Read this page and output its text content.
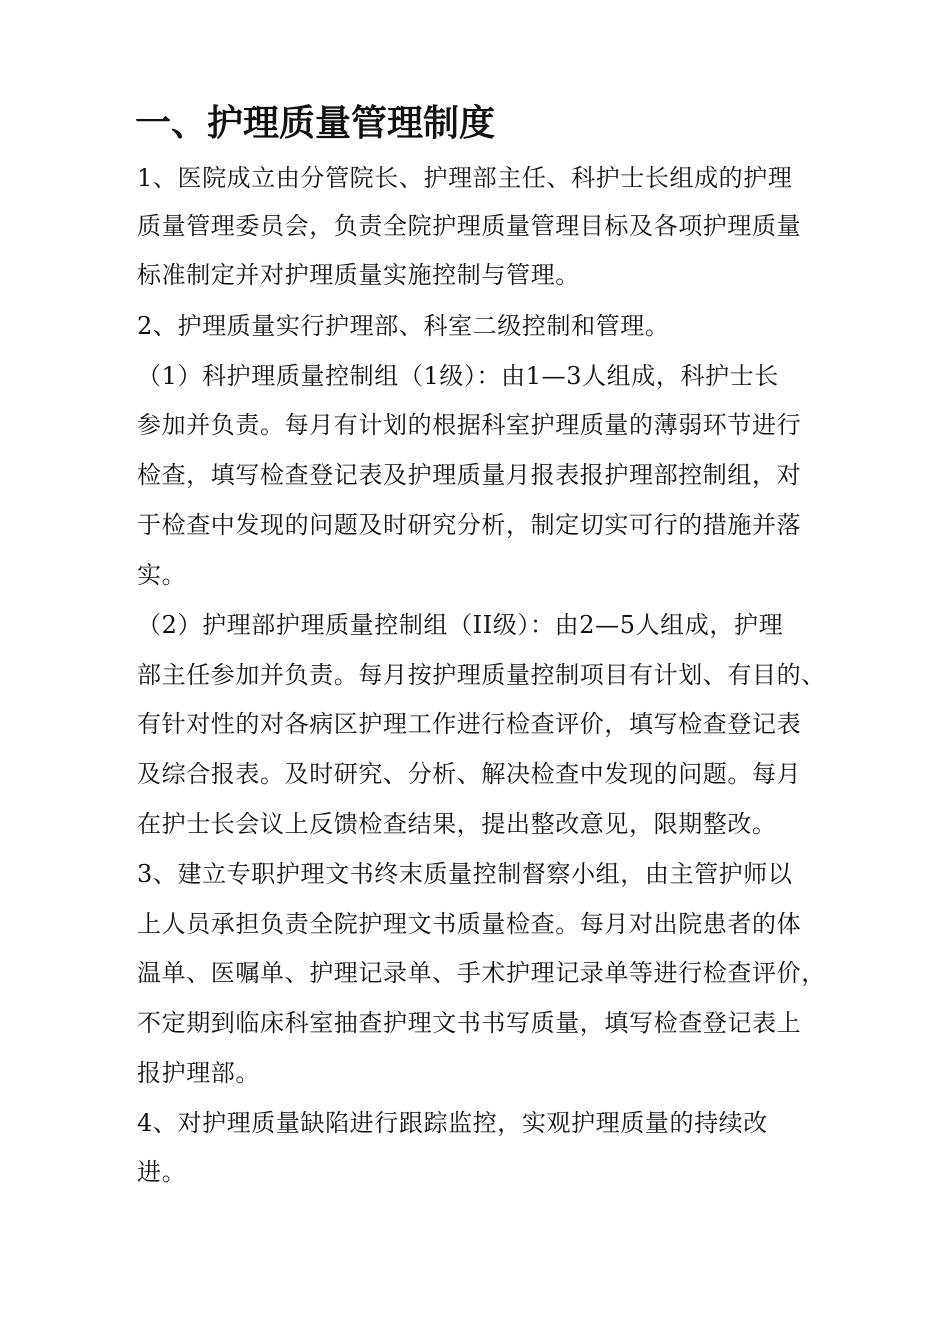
一、护理质量管理制度
1、医院成立由分管院长、护理部主任、科护士长组成的护理
质量管理委员会，负责全院护理质量管理目标及各项护理质量
标准制定并对护理质量实施控制与管理。
2、护理质量实行护理部、科室二级控制和管理。
（1）科护理质量控制组（1级）：由1—3人组成，科护士长
参加并负责。每月有计划的根据科室护理质量的薄弱环节进行
检查，填写检查登记表及护理质量月报表报护理部控制组，对
于检查中发现的问题及时研究分析，制定切实可行的措施并落
实。
（2）护理部护理质量控制组（II级）：由2—5人组成，护理
部主任参加并负责。每月按护理质量控制项目有计划、有目的、
有针对性的对各病区护理工作进行检查评价，填写检查登记表
及综合报表。及时研究、分析、解决检查中发现的问题。每月
在护士长会议上反馈检查结果，提出整改意见，限期整改。
3、建立专职护理文书终末质量控制督察小组，由主管护师以
上人员承担负责全院护理文书质量检查。每月对出院患者的体
温单、医嘱单、护理记录单、手术护理记录单等进行检查评价，
不定期到临床科室抽查护理文书书写质量，填写检查登记表上
报护理部。
4、对护理质量缺陷进行跟踪监控，实观护理质量的持续改
进。
